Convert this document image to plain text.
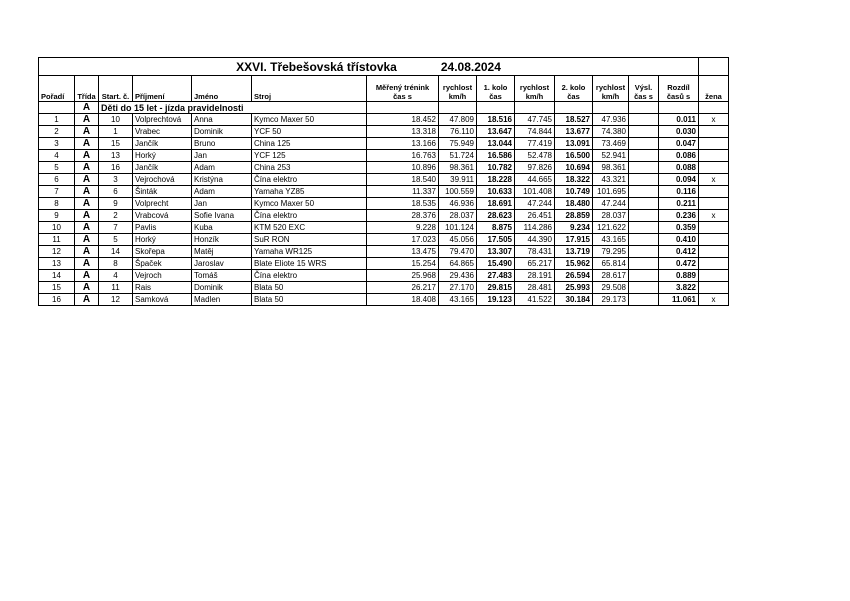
XXVI. Třebešovská třístovka 24.08.2024														
Pořadí	Třída	Start. č.	Příjmení	Jméno	Stroj	Měřený trénink čas s	rychlost km/h	1. kolo čas	rychlost km/h	2. kolo čas	rychlost km/h	Výsl. čas s	Rozdíl časů s	žena
	A	Děti do 15 let - jízda pravidelnosti												
1	A	10	Volprechtová	Anna	Kymco Maxer 50	18.452	47.809	18.516	47.745	18.527	47.936		0.011	x
2	A	1	Vrabec	Dominik	YCF 50	13.318	76.110	13.647	74.844	13.677	74.380		0.030	
3	A	15	Jančík	Bruno	China 125	13.166	75.949	13.044	77.419	13.091	73.469		0.047	
4	A	13	Horký	Jan	YCF 125	16.763	51.724	16.586	52.478	16.500	52.941		0.086	
5	A	16	Jančík	Adam	China 253	10.896	98.361	10.782	97.826	10.694	98.361		0.088	
6	A	3	Vejrochová	Kristýna	Čína elektro	18.540	39.911	18.228	44.665	18.322	43.321		0.094	x
7	A	6	Šinták	Adam	Yamaha YZ85	11.337	100.559	10.633	101.408	10.749	101.695		0.116	
8	A	9	Volprecht	Jan	Kymco Maxer 50	18.535	46.936	18.691	47.244	18.480	47.244		0.211	
9	A	2	Vrabcová	Sofie Ivana	Čína elektro	28.376	28.037	28.623	26.451	28.859	28.037		0.236	x
10	A	7	Pavlis	Kuba	KTM 520 EXC	9.228	101.124	8.875	114.286	9.234	121.622		0.359	
11	A	5	Horký	Honzík	SuR RON	17.023	45.056	17.505	44.390	17.915	43.165		0.410	
12	A	14	Skořepa	Matěj	Yamaha WR125	13.475	79.470	13.307	78.431	13.719	79.295		0.412	
13	A	8	Špaček	Jaroslav	Blate Eliote 15 WRS	15.254	64.865	15.490	65.217	15.962	65.814		0.472	
14	A	4	Vejroch	Tomáš	Čína elektro	25.968	29.436	27.483	28.191	26.594	28.617		0.889	
15	A	11	Rais	Dominik	Blata 50	26.217	27.170	29.815	28.481	25.993	29.508		3.822	
16	A	12	Samková	Madlen	Blata 50	18.408	43.165	19.123	41.522	30.184	29.173		11.061	x
